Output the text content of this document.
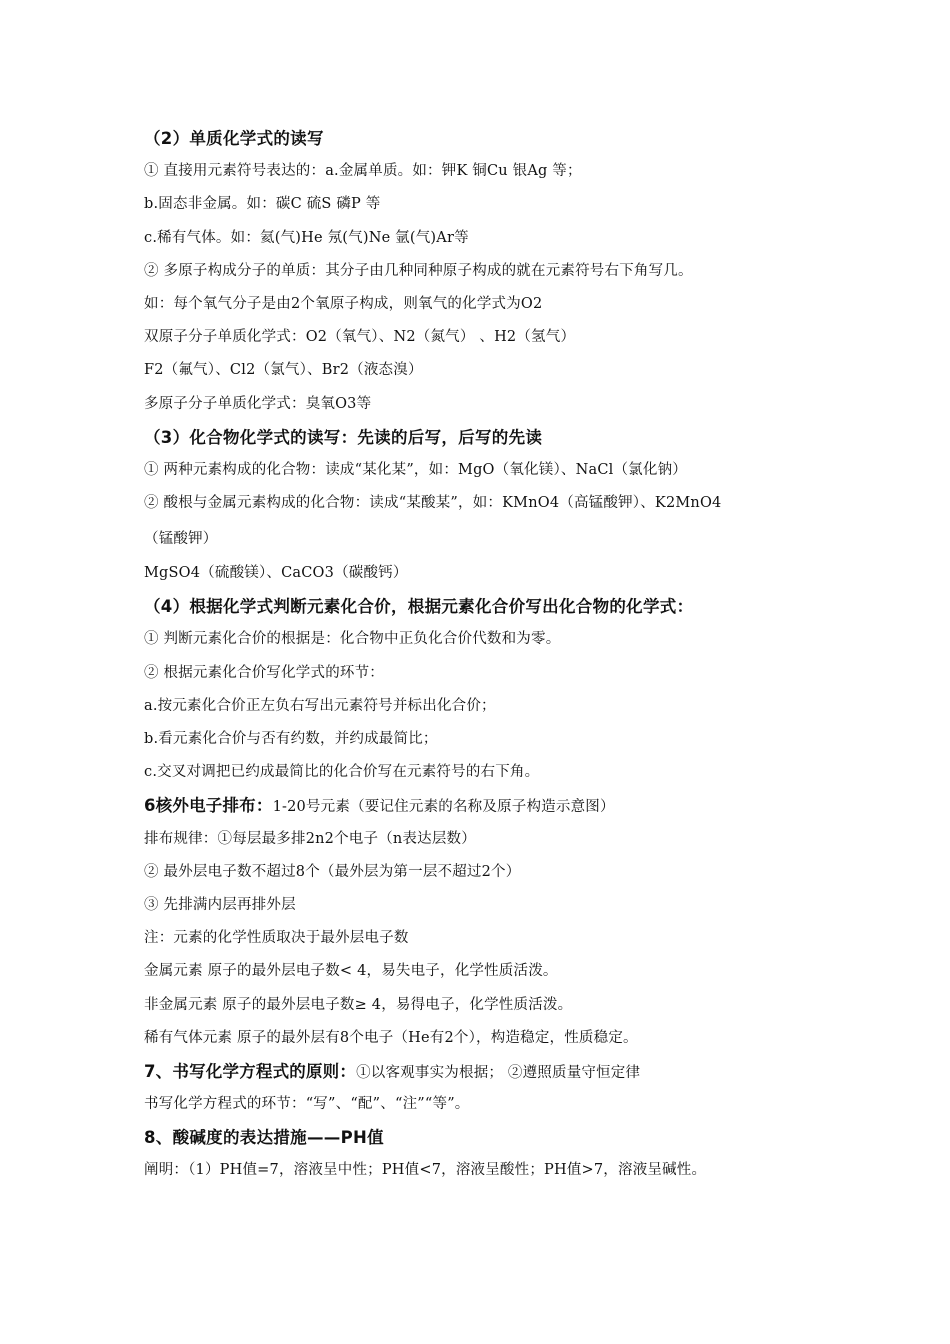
（2）单质化学式的读写
① 直接用元素符号表达的：a.金属单质。如：钾K 铜Cu 银Ag 等；
b.固态非金属。如：碳C 硫S 磷P 等
c.稀有气体。如：氦(气)He 氖(气)Ne 氩(气)Ar等
② 多原子构成分子的单质：其分子由几种同种原子构成的就在元素符号右下角写几。
如：每个氧气分子是由2个氧原子构成，则氧气的化学式为O2
双原子分子单质化学式：O2（氧气）、N2（氮气） 、H2（氢气）
F2（氟气）、Cl2（氯气）、Br2（液态溴）
多原子分子单质化学式：臭氧O3等
（3）化合物化学式的读写：先读的后写，后写的先读
① 两种元素构成的化合物：读成“某化某”，如：MgO（氧化镁）、NaCl（氯化钠）
② 酸根与金属元素构成的化合物：读成“某酸某”，如：KMnO4（高锰酸钾）、K2MnO4
（锰酸钾）
MgSO4（硫酸镁）、CaCO3（碳酸钙）
（4）根据化学式判断元素化合价，根据元素化合价写出化合物的化学式：
① 判断元素化合价的根据是：化合物中正负化合价代数和为零。
② 根据元素化合价写化学式的环节：
a.按元素化合价正左负右写出元素符号并标出化合价；
b.看元素化合价与否有约数，并约成最简比；
c.交叉对调把已约成最简比的化合价写在元素符号的右下角。
6核外电子排布：1-20号元素（要记住元素的名称及原子构造示意图）
排布规律：①每层最多排2n2个电子（n表达层数）
② 最外层电子数不超过8个（最外层为第一层不超过2个）
③ 先排满内层再排外层
注：元素的化学性质取决于最外层电子数
金属元素 原子的最外层电子数< 4，易失电子，化学性质活泼。
非金属元素 原子的最外层电子数≥ 4，易得电子，化学性质活泼。
稀有气体元素 原子的最外层有8个电子（He有2个），构造稳定，性质稳定。
7、书写化学方程式的原则：①以客观事实为根据； ②遵照质量守恒定律
书写化学方程式的环节：“写”、“配”、“注”“等”。
8、酸碱度的表达措施——PH值
阐明：（1）PH值=7，溶液呈中性；PH值<7，溶液呈酸性；PH值>7，溶液呈碱性。
